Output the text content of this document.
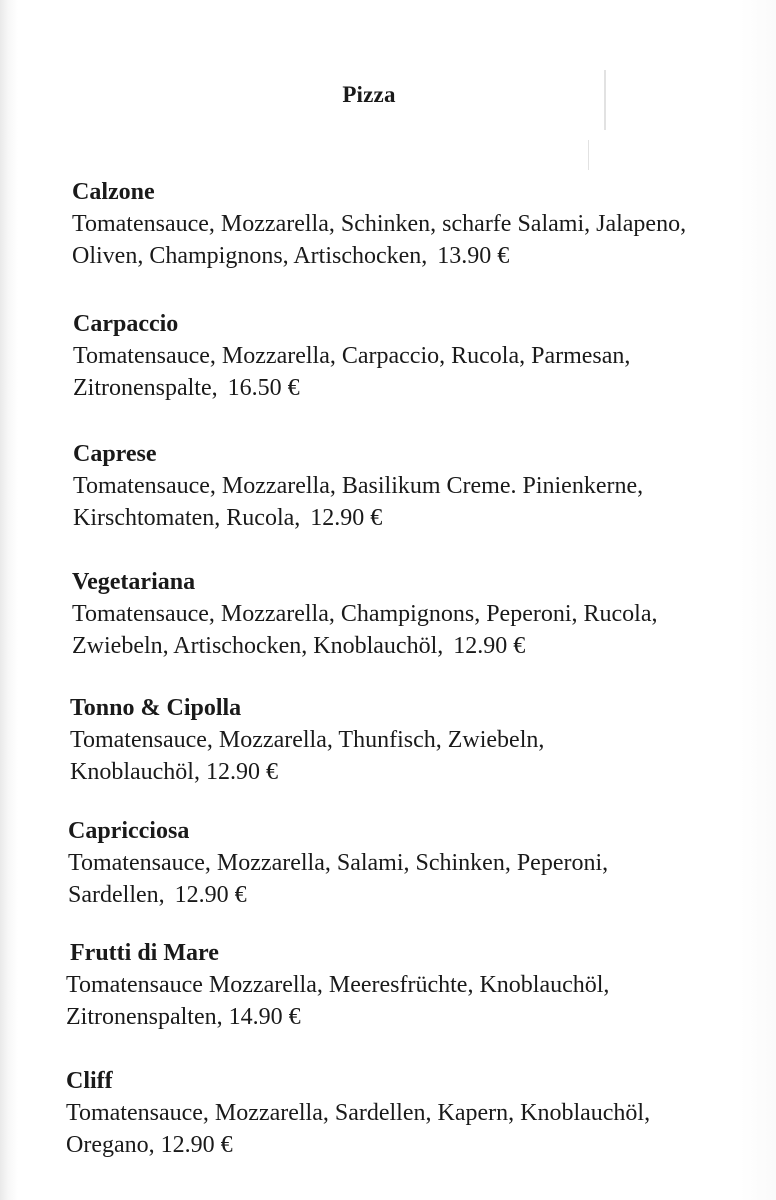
Pizza
Calzone
Tomatensauce, Mozzarella, Schinken, scharfe Salami, Jalapeno,
Oliven, Champignons, Artischocken, 13.90 €
Carpaccio
Tomatensauce, Mozzarella, Carpaccio, Rucola, Parmesan,
Zitronenspalte, 16.50 €
Caprese
Tomatensauce, Mozzarella, Basilikum Creme. Pinienkerne,
Kirschtomaten, Rucola, 12.90 €
Vegetariana
Tomatensauce, Mozzarella, Champignons, Peperoni, Rucola,
Zwiebeln, Artischocken, Knoblauchöl, 12.90 €
Tonno & Cipolla
Tomatensauce, Mozzarella, Thunfisch, Zwiebeln,
Knoblauchöl, 12.90 €
Capricciosa
Tomatensauce, Mozzarella, Salami, Schinken, Peperoni,
Sardellen, 12.90 €
Frutti di Mare
Tomatensauce Mozzarella, Meeresfrüchte, Knoblauchöl,
Zitronenspalten, 14.90 €
Cliff
Tomatensauce, Mozzarella, Sardellen, Kapern, Knoblauchöl,
Oregano, 12.90 €
